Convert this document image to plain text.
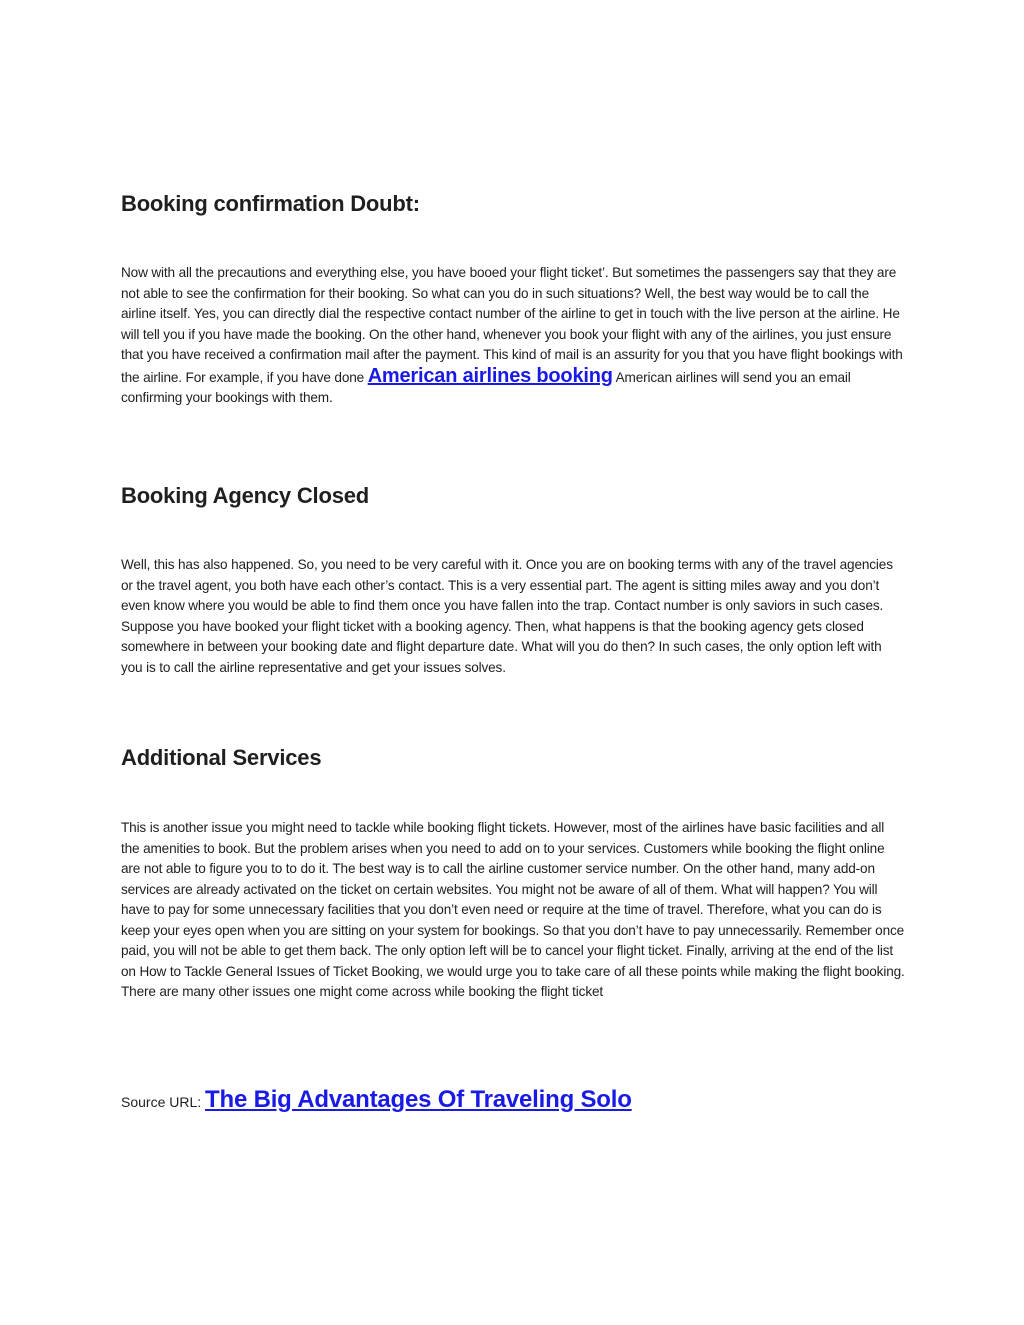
Booking confirmation Doubt:

Now with all the precautions and everything else, you have booed your flight ticket’. But sometimes the passengers say that they are not able to see the confirmation for their booking. So what can you do in such situations? Well, the best way would be to call the airline itself. Yes, you can directly dial the respective contact number of the airline to get in touch with the live person at the airline. He will tell you if you have made the booking. On the other hand, whenever you book your flight with any of the airlines, you just ensure that you have received a confirmation mail after the payment. This kind of mail is an assurity for you that you have flight bookings with the airline. For example, if you have done American airlines booking American airlines will send you an email confirming your bookings with them.

Booking Agency Closed

Well, this has also happened. So, you need to be very careful with it. Once you are on booking terms with any of the travel agencies or the travel agent, you both have each other’s contact. This is a very essential part. The agent is sitting miles away and you don’t even know where you would be able to find them once you have fallen into the trap. Contact number is only saviors in such cases. Suppose you have booked your flight ticket with a booking agency. Then, what happens is that the booking agency gets closed somewhere in between your booking date and flight departure date. What will you do then? In such cases, the only option left with you is to call the airline representative and get your issues solves.

Additional Services

This is another issue you might need to tackle while booking flight tickets. However, most of the airlines have basic facilities and all the amenities to book. But the problem arises when you need to add on to your services. Customers while booking the flight online are not able to figure you to to do it. The best way is to call the airline customer service number. On the other hand, many add-on services are already activated on the ticket on certain websites. You might not be aware of all of them. What will happen? You will have to pay for some unnecessary facilities that you don’t even need or require at the time of travel. Therefore, what you can do is keep your eyes open when you are sitting on your system for bookings. So that you don’t have to pay unnecessarily. Remember once paid, you will not be able to get them back. The only option left will be to cancel your flight ticket. Finally, arriving at the end of the list on How to Tackle General Issues of Ticket Booking, we would urge you to take care of all these points while making the flight booking. There are many other issues one might come across while booking the flight ticket

Source URL: The Big Advantages Of Traveling Solo
